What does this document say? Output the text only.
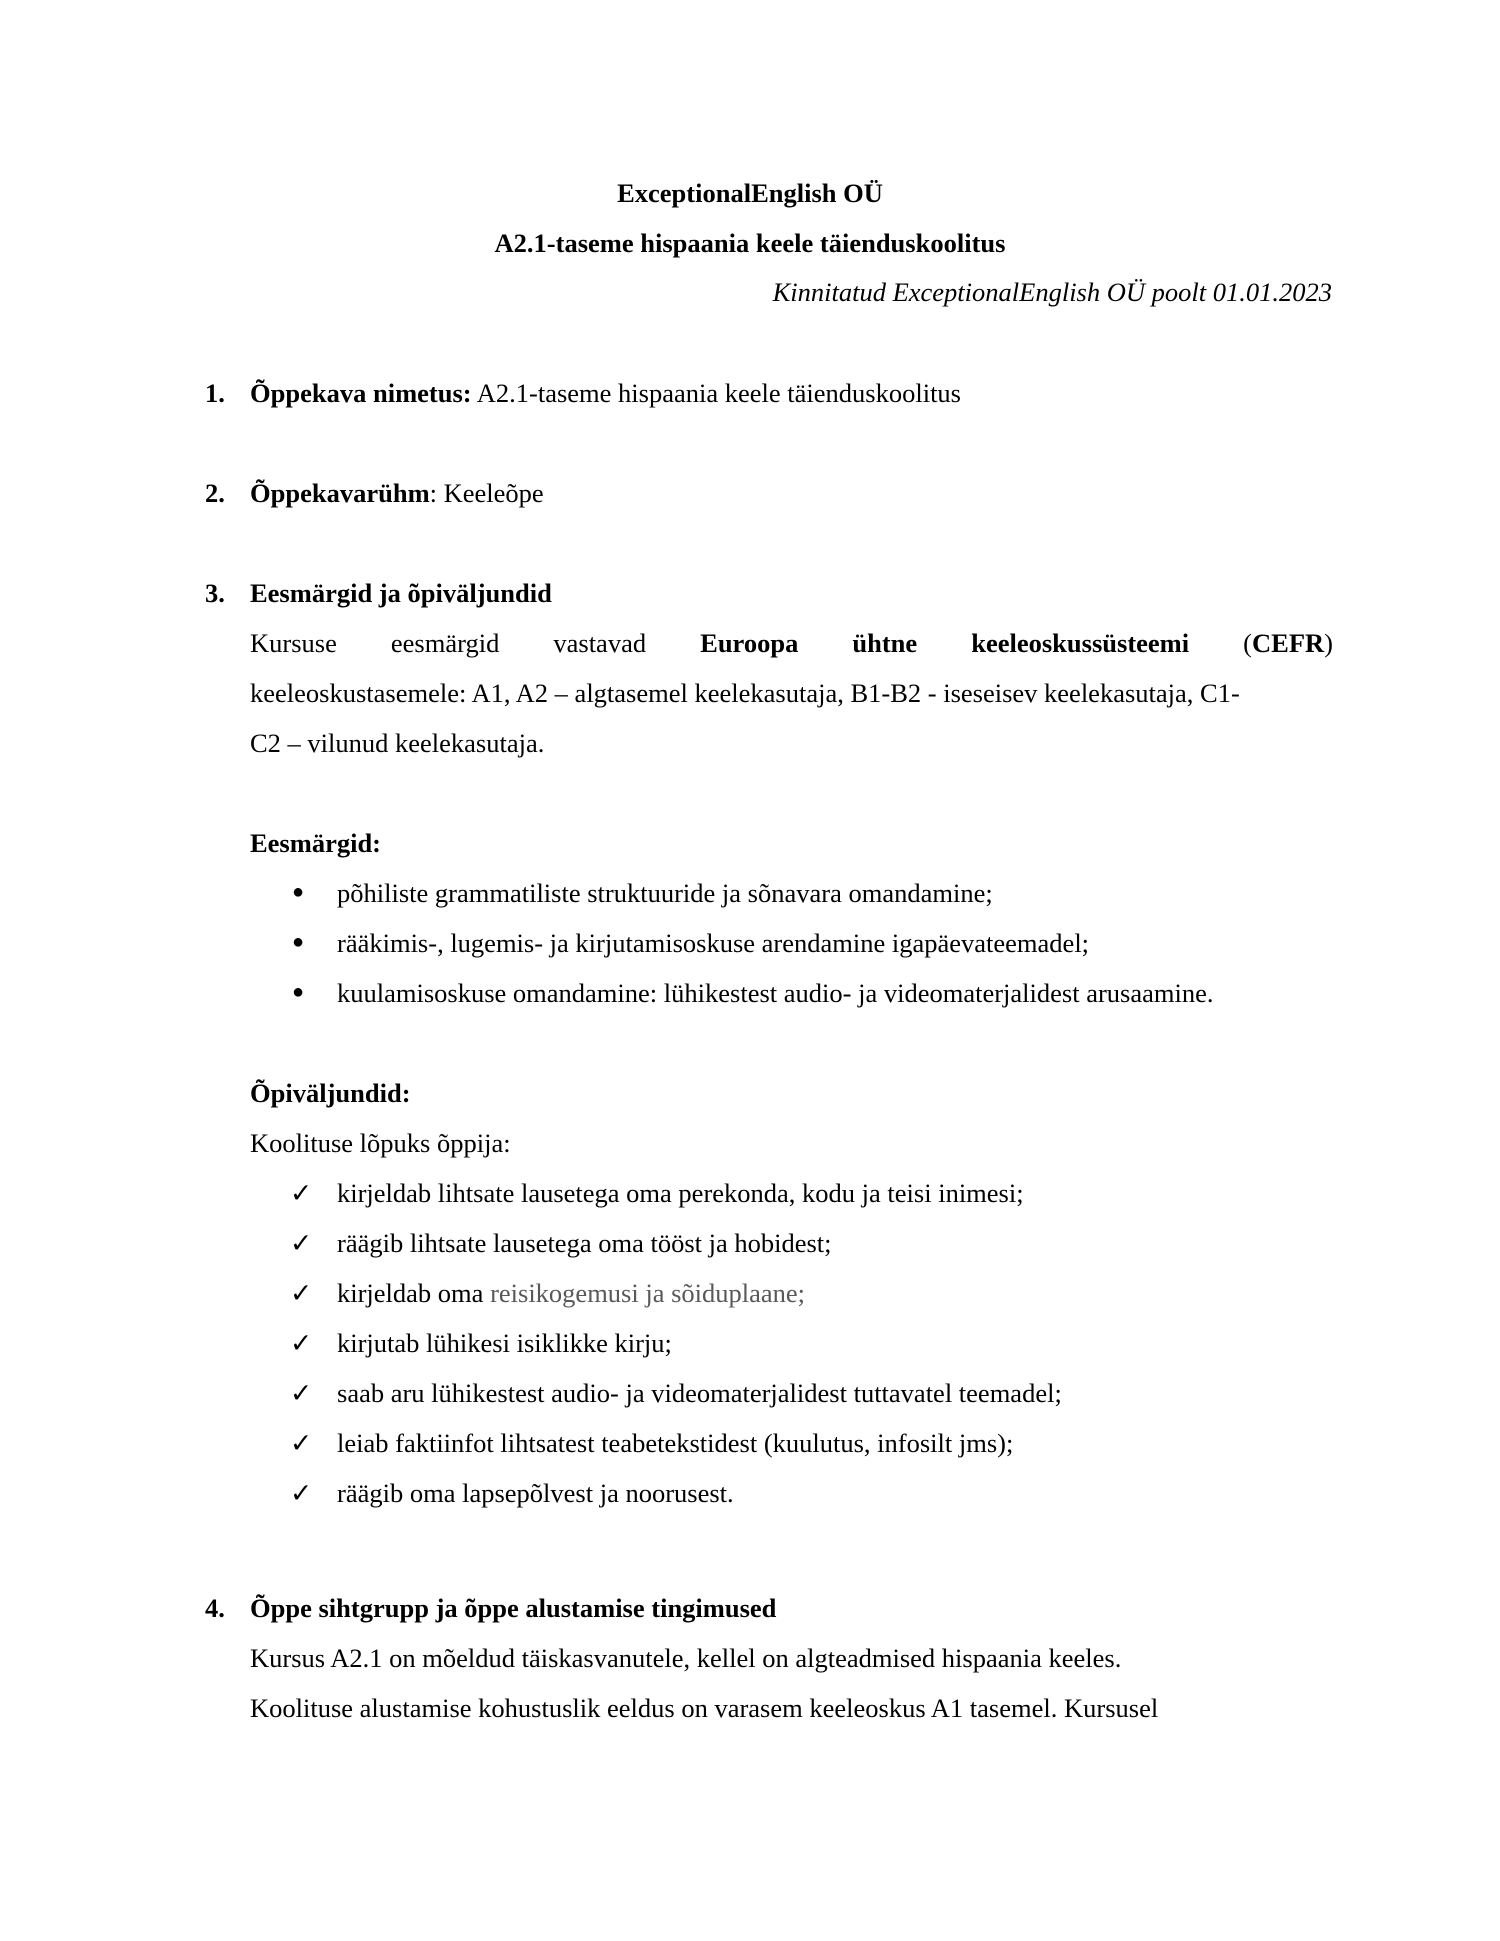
ExceptionalEnglish OÜ
A2.1-taseme hispaania keele täienduskoolitus
Kinnitatud ExceptionalEnglish OÜ poolt 01.01.2023
1. Õppekava nimetus: A2.1-taseme hispaania keele täienduskoolitus
2. Õppekavarühm: Keeleõpe
3. Eesmärgid ja õpiväljundid
Kursuse eesmärgid vastavad Euroopa ühtne keeleoskussüsteemi (CEFR)
keeleoskustasemele: A1, A2 – algtasemel keelekasutaja, B1-B2 - iseseisev keelekasutaja, C1-
C2 – vilunud keelekasutaja.
Eesmärgid:
● põhiliste grammatiliste struktuuride ja sõnavara omandamine;
● rääkimis-, lugemis- ja kirjutamisoskuse arendamine igapäevateemadel;
● kuulamisoskuse omandamine: lühikestest audio- ja videomaterjalidest arusaamine.
Õpiväljundid:
Koolituse lõpuks õppija:
✓ kirjeldab lihtsate lausetega oma perekonda, kodu ja teisi inimesi;
✓ räägib lihtsate lausetega oma tööst ja hobidest;
✓ kirjeldab oma reisikogemusi ja sõiduplaane;
✓ kirjutab lühikesi isiklikke kirju;
✓ saab aru lühikestest audio- ja videomaterjalidest tuttavatel teemadel;
✓ leiab faktiinfot lihtsatest teabetekstidest (kuulutus, infosilt jms);
✓ räägib oma lapsepõlvest ja noorusest.
4. Õppe sihtgrupp ja õppe alustamise tingimused
Kursus A2.1 on mõeldud täiskasvanutele, kellel on algteadmised hispaania keeles.
Koolituse alustamise kohustuslik eeldus on varasem keeleoskus A1 tasemel. Kursusel
